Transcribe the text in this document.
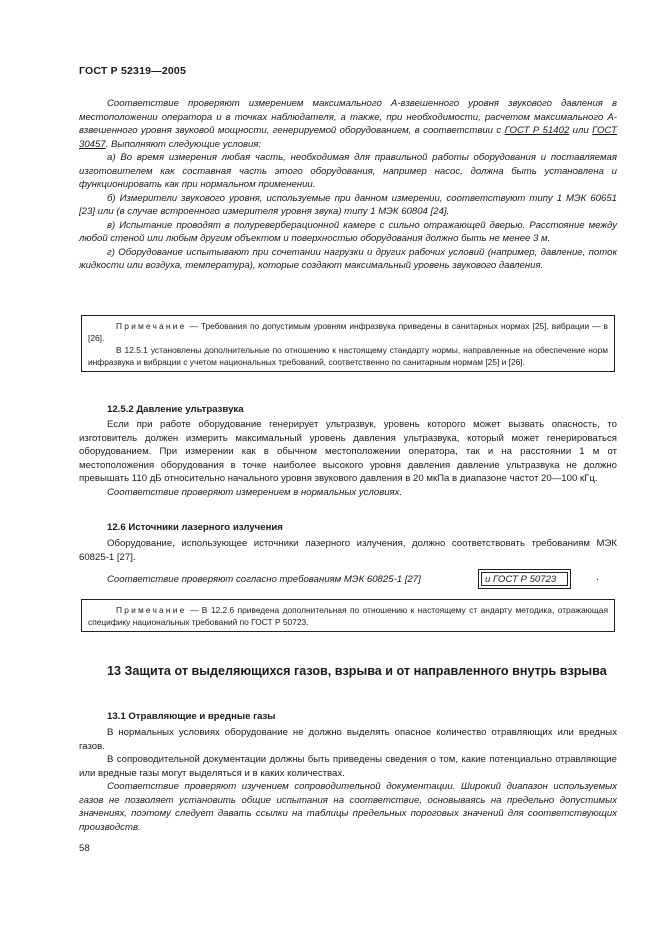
ГОСТ Р 52319—2005

Соответствие проверяют измерением максимального А-взвешенного уровня звукового давления в местоположении оператора и в точках наблюдателя, а также, при необходимости, расчетом максимального А-взвешенного уровня звуковой мощности, генерируемой оборудованием, в соответствии с ГОСТ Р 51402 или ГОСТ 30457. Выполняют следующие условия:

а) Во время измерения любая часть, необходимая для правильной работы оборудования и поставляемая изготовителем как составная часть этого оборудования, например насос, должна быть установлена и функционировать как при нормальном применении.

б) Измерители звукового уровня, используемые при данном измерении, соответствуют типу 1 МЭК 60651 [23] или (в случае встроенного измерителя уровня звука) типу 1 МЭК 60804 [24].

в) Испытание проводят в полуреверберационной камере с сильно отражающей дверью. Расстояние между любой стеной или любым другим объектом и поверхностью оборудования должно быть не менее 3 м.

г) Оборудование испытывают при сочетании нагрузки и других рабочих условий (например, давление, поток жидкости или воздуха, температура), которые создают максимальный уровень звукового давления.

Примечание — Требования по допустимым уровням инфразвука приведены в санитарных нормах [25], вибрации — в [26].

В 12.5.1 установлены дополнительные по отношению к настоящему стандарту нормы, направленные на обеспечение норм инфразвука и вибрации с учетом национальных требований, соответственно по санитарным нормам [25] и [26].

12.5.2 Давление ультразвука

Если при работе оборудование генерирует ультразвук, уровень которого может вызвать опасность, то изготовитель должен измерить максимальный уровень давления ультразвука, который может генерироваться оборудованием. При измерении как в обычном местоположении оператора, так и на расстоянии 1 м от местоположения оборудования в точке наиболее высокого уровня давления давление ультразвука не должно превышать 110 дБ относительно начального уровня звукового давления в 20 мкПа в диапазоне частот 20—100 кГц.

Соответствие проверяют измерением в нормальных условиях.

12.6 Источники лазерного излучения

Оборудование, использующее источники лазерного излучения, должно соответствовать требованиям МЭК 60825-1 [27].

Соответствие проверяют согласно требованиям МЭК 60825-1 [27]	и ГОСТ Р 50723	.

Примечание — В 12.2.6 приведена дополнительная по отношению к настоящему ст андарту методика, отражающая специфику национальных требований по ГОСТ Р 50723.

13 Защита от выделяющихся газов, взрыва и от направленного внутрь взрыва
13.1 Отравляющие и вредные газы

В нормальных условиях оборудование не должно выделять опасное количество отравляющих или вредных газов.

В сопроводительной документации должны быть приведены сведения о том, какие потенциально отравляющие или вредные газы могут выделяться и в каких количествах.

Соответствие проверяют изучением сопроводительной документации. Широкий диапазон используемых газов не позволяет установить общие испытания на соответствие, основываясь на предельно допустимых значениях, поэтому следует давать ссылки на таблицы предельных пороговых значений для соответствующих производств.

58
